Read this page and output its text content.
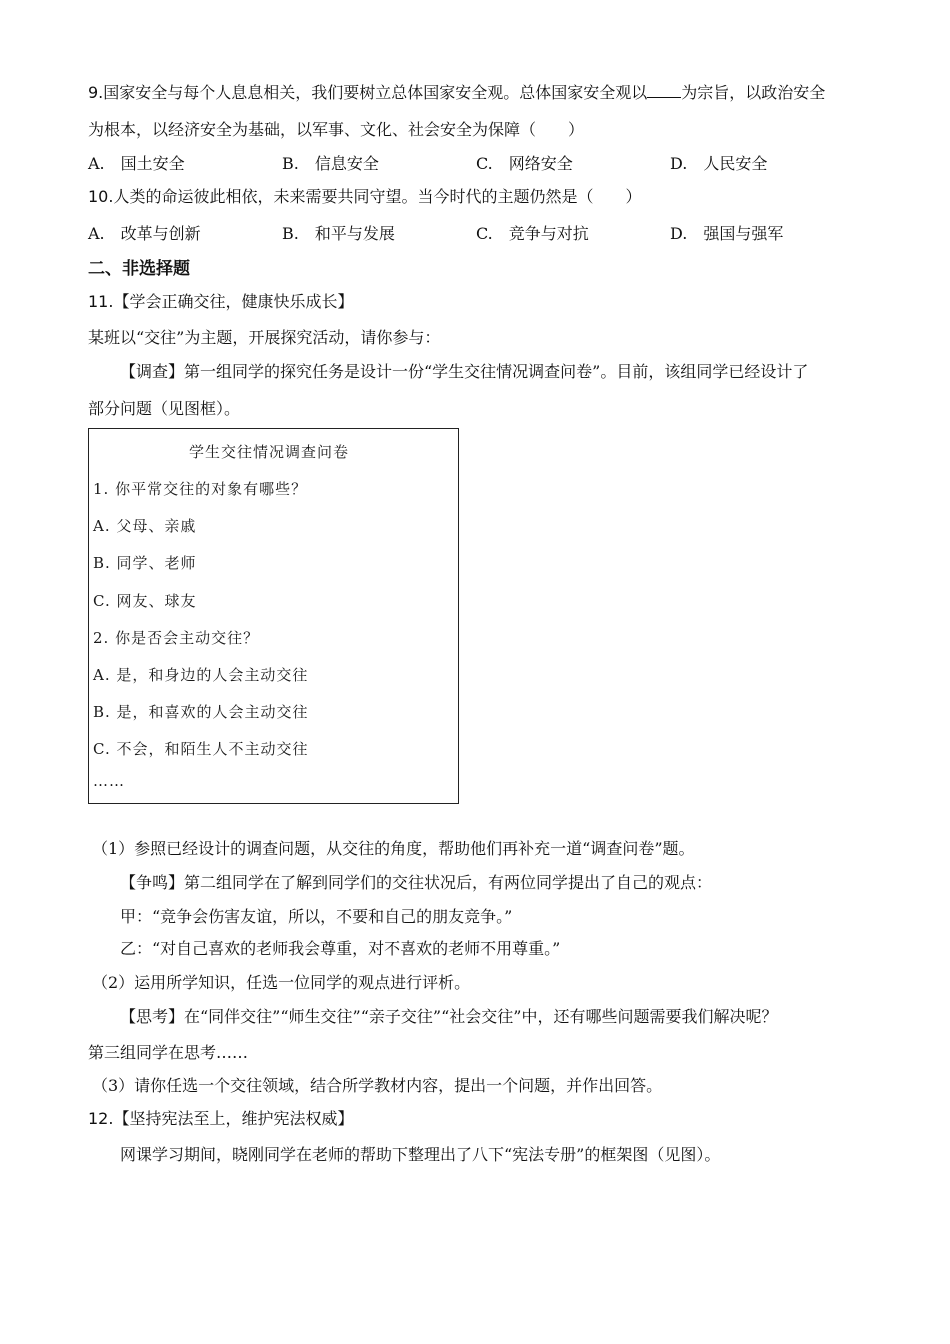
9.国家安全与每个人息息相关，我们要树立总体国家安全观。总体国家安全观以 为宗旨，以政治安全
为根本，以经济安全为基础，以军事、文化、社会安全为保障（　　）
A.　国土安全	B.　信息安全	C.　网络安全	D.　人民安全
10.人类的命运彼此相依，未来需要共同守望。当今时代的主题仍然是（　　）
A.　改革与创新	B.　和平与发展	C.　竞争与对抗	D.　强国与强军
二、非选择题
11.【学会正确交往，健康快乐成长】
某班以“交往”为主题，开展探究活动，请你参与：
【调查】第一组同学的探究任务是设计一份“学生交往情况调查问卷”。目前，该组同学已经设计了
部分问题（见图框）。
学生交往情况调查问卷
1. 你平常交往的对象有哪些？
A. 父母、亲戚
B. 同学、老师
C. 网友、球友
2. 你是否会主动交往？
A. 是，和身边的人会主动交往
B. 是，和喜欢的人会主动交往
C. 不会，和陌生人不主动交往
……
（1）参照已经设计的调查问题，从交往的角度，帮助他们再补充一道“调查问卷”题。
【争鸣】第二组同学在了解到同学们的交往状况后，有两位同学提出了自己的观点：
甲：“竞争会伤害友谊，所以，不要和自己的朋友竞争。”
乙：“对自己喜欢的老师我会尊重，对不喜欢的老师不用尊重。”
（2）运用所学知识，任选一位同学的观点进行评析。
【思考】在“同伴交往”“师生交往”“亲子交往”“社会交往”中，还有哪些问题需要我们解决呢？
第三组同学在思考……
（3）请你任选一个交往领域，结合所学教材内容，提出一个问题，并作出回答。
12.【坚持宪法至上，维护宪法权威】
网课学习期间，晓刚同学在老师的帮助下整理出了八下“宪法专册”的框架图（见图）。
